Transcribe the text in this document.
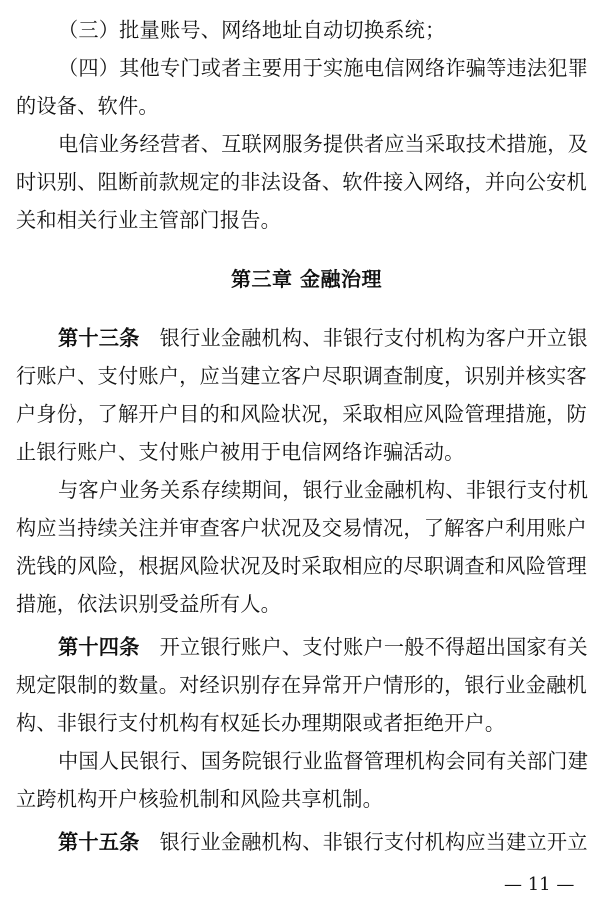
（三）批量账号、网络地址自动切换系统；
（四）其他专门或者主要用于实施电信网络诈骗等违法犯罪
的设备、软件。
电信业务经营者、互联网服务提供者应当采取技术措施，及
时识别、阻断前款规定的非法设备、软件接入网络，并向公安机
关和相关行业主管部门报告。
第三章 金融治理
第十三条 银行业金融机构、非银行支付机构为客户开立银
行账户、支付账户，应当建立客户尽职调查制度，识别并核实客
户身份，了解开户目的和风险状况，采取相应风险管理措施，防
止银行账户、支付账户被用于电信网络诈骗活动。
与客户业务关系存续期间，银行业金融机构、非银行支付机
构应当持续关注并审查客户状况及交易情况，了解客户利用账户
洗钱的风险，根据风险状况及时采取相应的尽职调查和风险管理
措施，依法识别受益所有人。
第十四条 开立银行账户、支付账户一般不得超出国家有关
规定限制的数量。对经识别存在异常开户情形的，银行业金融机
构、非银行支付机构有权延长办理期限或者拒绝开户。
中国人民银行、国务院银行业监督管理机构会同有关部门建
立跨机构开户核验机制和风险共享机制。
第十五条 银行业金融机构、非银行支付机构应当建立开立
— 11 —
